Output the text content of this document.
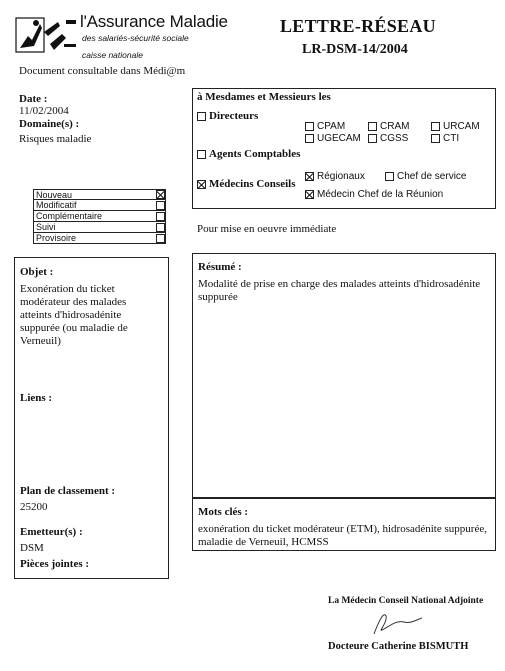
l'Assurance Maladie
des salariés-sécurité sociale
caisse nationale
Document consultable dans Médi@m
LETTRE-RÉSEAU
LR-DSM-14/2004
Date :
11/02/2004
Domaine(s) :
Risques maladie
Nouveau
Modificatif
Complémentaire
Suivi
Provisoire
à Mesdames et Messieurs les
Directeurs
CPAM	CRAM	URCAM
UGECAM CGSS	CTI
Agents Comptables
Médecins Conseils
Régionaux	Chef de service
Médecin Chef de la Réunion
Pour mise en oeuvre immédiate
Objet :
Exonération du ticket modérateur des malades atteints d'hidrosadénite suppurée (ou maladie de Verneuil)
Liens :
Plan de classement :
25200
Emetteur(s) :
DSM
Pièces jointes :
Résumé :
Modalité de prise en charge des malades atteints d'hidrosadénite suppurée
Mots clés :
exonération du ticket modérateur (ETM), hidrosadénite suppurée, maladie de Verneuil, HCMSS
La Médecin Conseil National Adjointe
Docteure Catherine BISMUTH
